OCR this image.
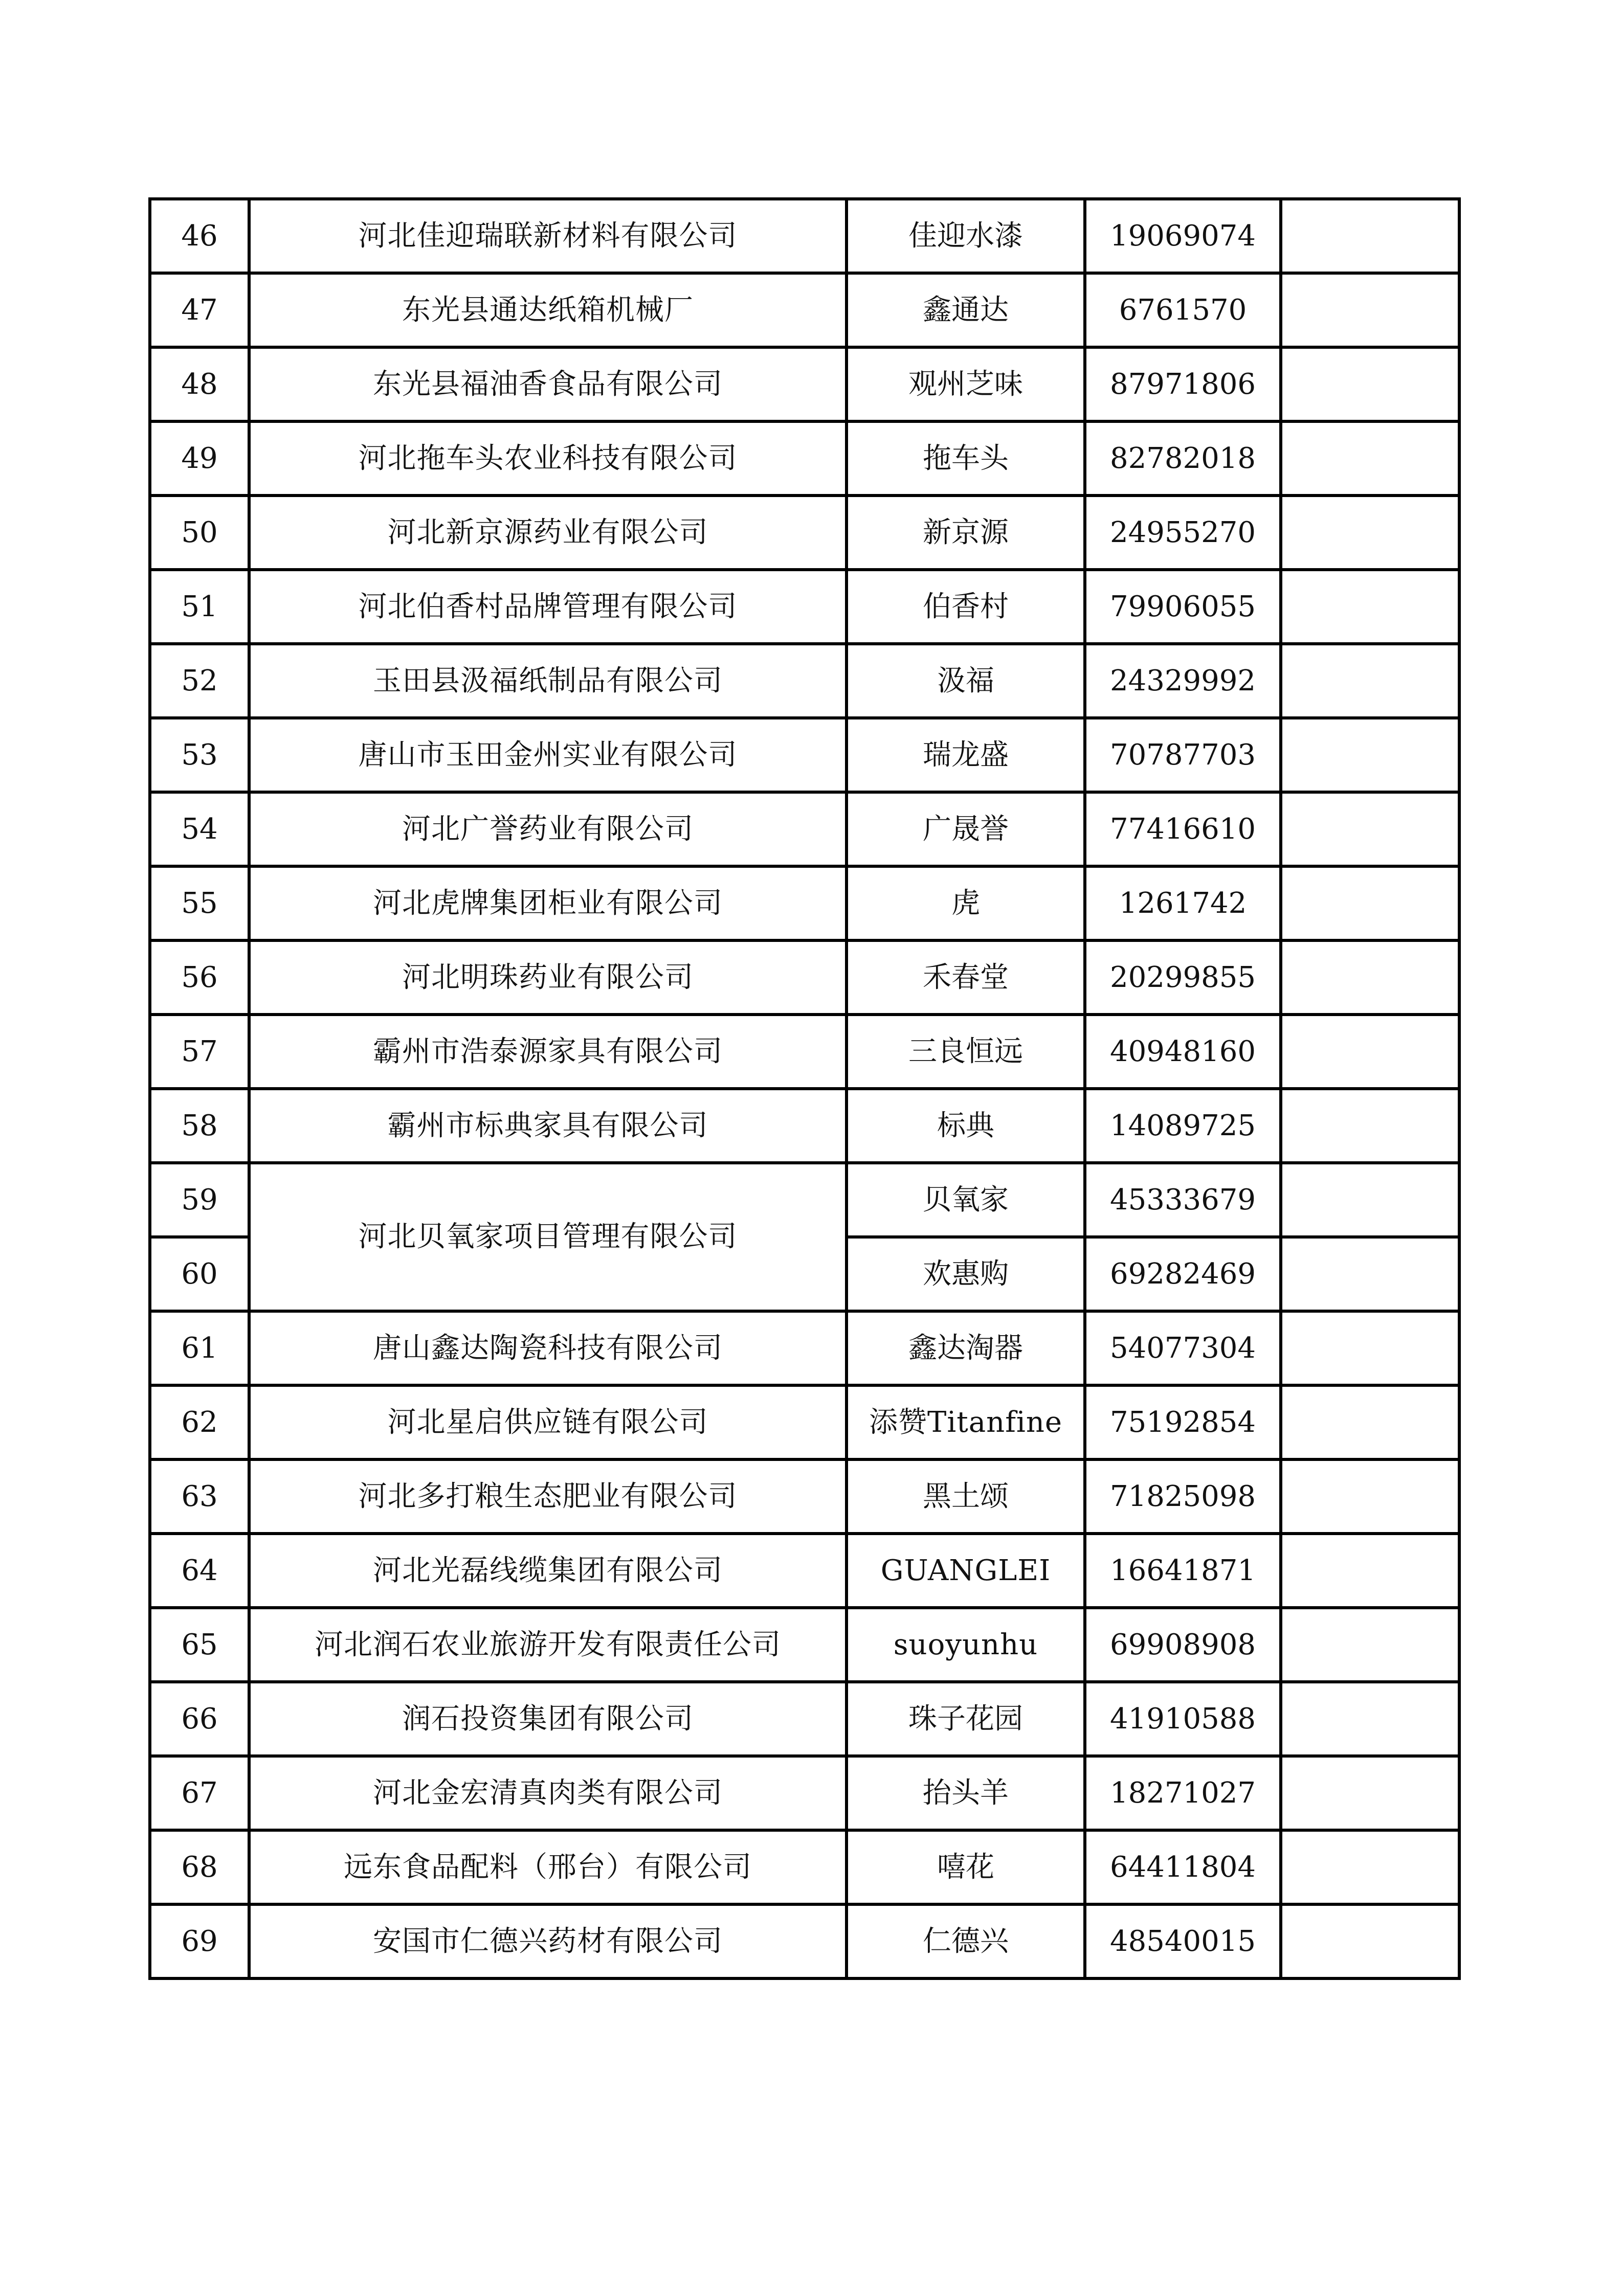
46	河北佳迎瑞联新材料有限公司	佳迎水漆	19069074	
47	东光县通达纸箱机械厂	鑫通达	6761570	
48	东光县福油香食品有限公司	观州芝味	87971806	
49	河北拖车头农业科技有限公司	拖车头	82782018	
50	河北新京源药业有限公司	新京源	24955270	
51	河北伯香村品牌管理有限公司	伯香村	79906055	
52	玉田县汲福纸制品有限公司	汲福	24329992	
53	唐山市玉田金州实业有限公司	瑞龙盛	70787703	
54	河北广誉药业有限公司	广晟誉	77416610	
55	河北虎牌集团柜业有限公司	虎	1261742	
56	河北明珠药业有限公司	禾春堂	20299855	
57	霸州市浩泰源家具有限公司	三良恒远	40948160	
58	霸州市标典家具有限公司	标典	14089725	
59	河北贝氧家项目管理有限公司	贝氧家	45333679	
60		欢惠购	69282469	
61	唐山鑫达陶瓷科技有限公司	鑫达淘器	54077304	
62	河北星启供应链有限公司	添赞Titanfine	75192854	
63	河北多打粮生态肥业有限公司	黑土颂	71825098	
64	河北光磊线缆集团有限公司	GUANGLEI	16641871	
65	河北润石农业旅游开发有限责任公司	suoyunhu	69908908	
66	润石投资集团有限公司	珠子花园	41910588	
67	河北金宏清真肉类有限公司	抬头羊	18271027	
68	远东食品配料（邢台）有限公司	嘻花	64411804	
69	安国市仁德兴药材有限公司	仁德兴	48540015	
